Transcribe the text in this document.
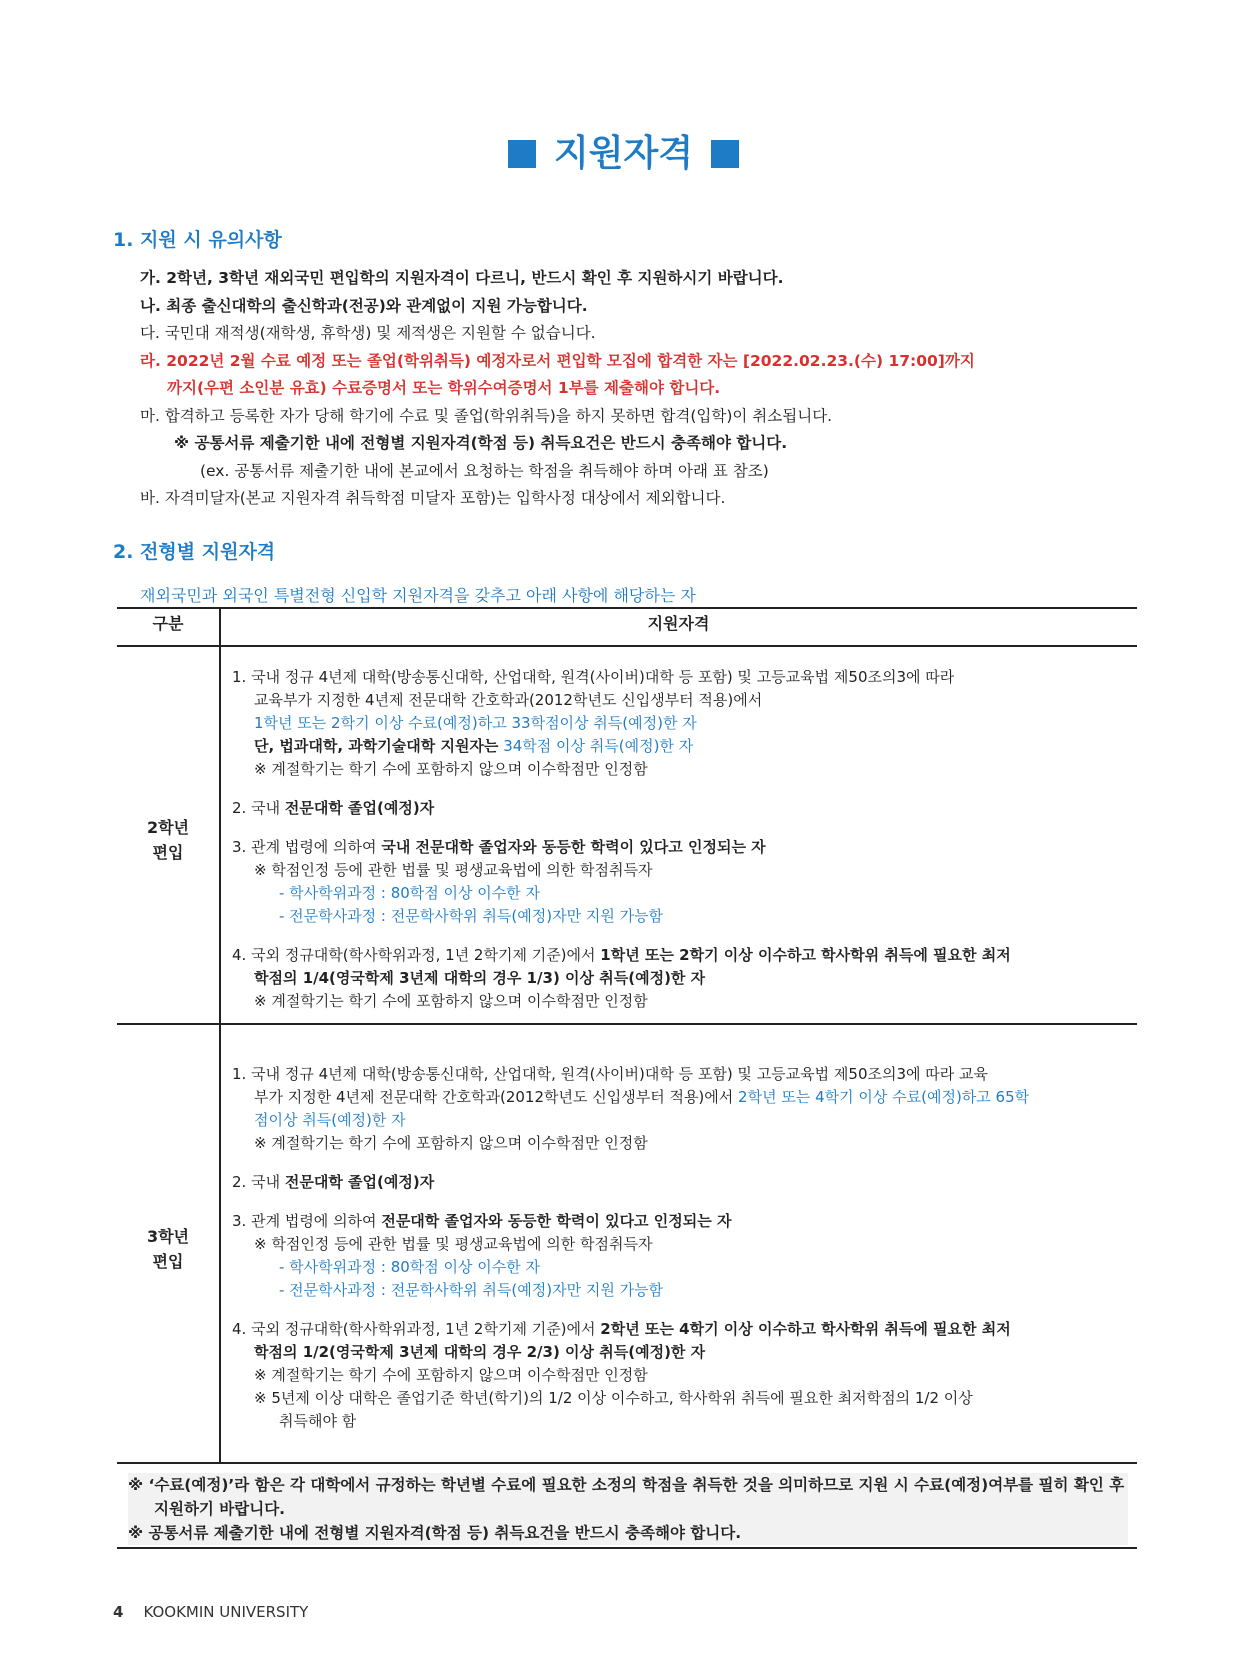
지원자격
1. 지원 시 유의사항
가. 2학년, 3학년 재외국민 편입학의 지원자격이 다르니, 반드시 확인 후 지원하시기 바랍니다.
나. 최종 출신대학의 출신학과(전공)와 관계없이 지원 가능합니다.
다. 국민대 재적생(재학생, 휴학생) 및 제적생은 지원할 수 없습니다.
라. 2022년 2월 수료 예정 또는 졸업(학위취득) 예정자로서 편입학 모집에 합격한 자는 [2022.02.23.(수) 17:00]까지
까지(우편 소인분 유효) 수료증명서 또는 학위수여증명서 1부를 제출해야 합니다.
마. 합격하고 등록한 자가 당해 학기에 수료 및 졸업(학위취득)을 하지 못하면 합격(입학)이 취소됩니다.
※ 공통서류 제출기한 내에 전형별 지원자격(학점 등) 취득요건은 반드시 충족해야 합니다.
(ex. 공통서류 제출기한 내에 본교에서 요청하는 학점을 취득해야 하며 아래 표 참조)
바. 자격미달자(본교 지원자격 취득학점 미달자 포함)는 입학사정 대상에서 제외합니다.
2. 전형별 지원자격
재외국민과 외국인 특별전형 신입학 지원자격을 갖추고 아래 사항에 해당하는 자
구분	지원자격
2학년
편입
1. 국내 정규 4년제 대학(방송통신대학, 산업대학, 원격(사이버)대학 등 포함) 및 고등교육법 제50조의3에 따라
교육부가 지정한 4년제 전문대학 간호학과(2012학년도 신입생부터 적용)에서
1학년 또는 2학기 이상 수료(예정)하고 33학점이상 취득(예정)한 자
단, 법과대학, 과학기술대학 지원자는 34학점 이상 취득(예정)한 자
※ 계절학기는 학기 수에 포함하지 않으며 이수학점만 인정함
2. 국내 전문대학 졸업(예정)자
3. 관계 법령에 의하여 국내 전문대학 졸업자와 동등한 학력이 있다고 인정되는 자
※ 학점인정 등에 관한 법률 및 평생교육법에 의한 학점취득자
- 학사학위과정 : 80학점 이상 이수한 자
- 전문학사과정 : 전문학사학위 취득(예정)자만 지원 가능함
4. 국외 정규대학(학사학위과정, 1년 2학기제 기준)에서 1학년 또는 2학기 이상 이수하고 학사학위 취득에 필요한 최저
학점의 1/4(영국학제 3년제 대학의 경우 1/3) 이상 취득(예정)한 자
※ 계절학기는 학기 수에 포함하지 않으며 이수학점만 인정함
3학년
편입
1. 국내 정규 4년제 대학(방송통신대학, 산업대학, 원격(사이버)대학 등 포함) 및 고등교육법 제50조의3에 따라 교육
부가 지정한 4년제 전문대학 간호학과(2012학년도 신입생부터 적용)에서 2학년 또는 4학기 이상 수료(예정)하고 65학
점이상 취득(예정)한 자
※ 계절학기는 학기 수에 포함하지 않으며 이수학점만 인정함
2. 국내 전문대학 졸업(예정)자
3. 관계 법령에 의하여 전문대학 졸업자와 동등한 학력이 있다고 인정되는 자
※ 학점인정 등에 관한 법률 및 평생교육법에 의한 학점취득자
- 학사학위과정 : 80학점 이상 이수한 자
- 전문학사과정 : 전문학사학위 취득(예정)자만 지원 가능함
4. 국외 정규대학(학사학위과정, 1년 2학기제 기준)에서 2학년 또는 4학기 이상 이수하고 학사학위 취득에 필요한 최저
학점의 1/2(영국학제 3년제 대학의 경우 2/3) 이상 취득(예정)한 자
※ 계절학기는 학기 수에 포함하지 않으며 이수학점만 인정함
※ 5년제 이상 대학은 졸업기준 학년(학기)의 1/2 이상 이수하고, 학사학위 취득에 필요한 최저학점의 1/2 이상
취득해야 함
※ ‘수료(예정)’라 함은 각 대학에서 규정하는 학년별 수료에 필요한 소정의 학점을 취득한 것을 의미하므로 지원 시 수료(예정)여부를 필히 확인 후 지원하기 바랍니다.
※ 공통서류 제출기한 내에 전형별 지원자격(학점 등) 취득요건을 반드시 충족해야 합니다.
4 KOOKMIN UNIVERSITY
